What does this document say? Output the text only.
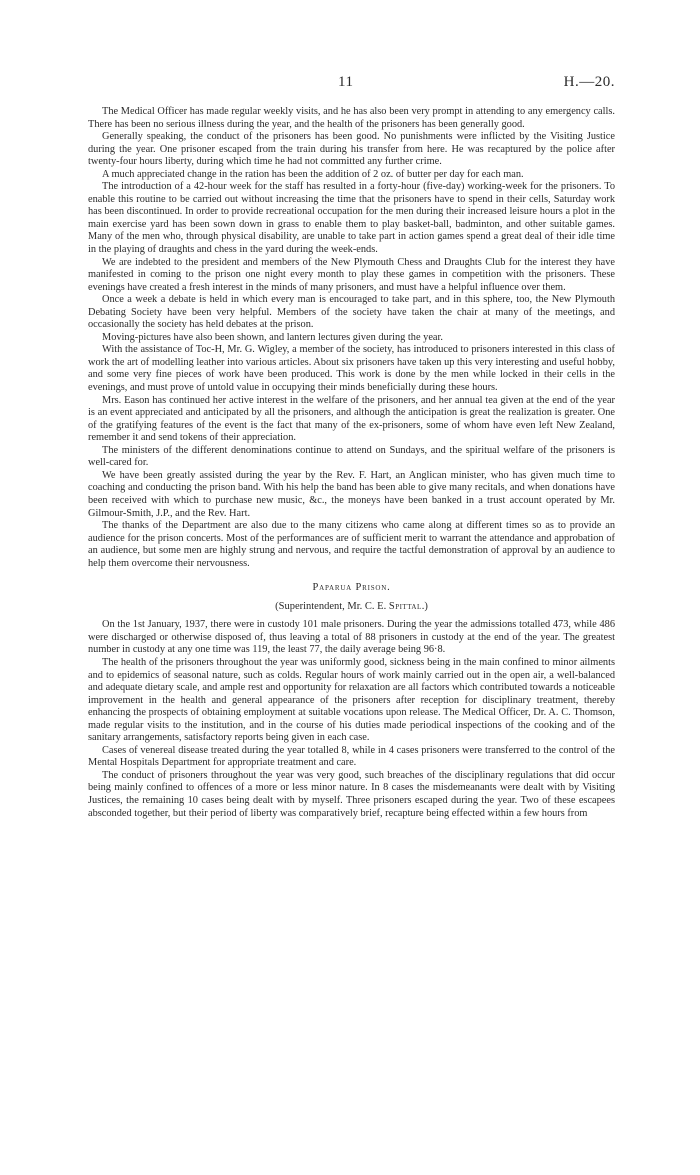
11	H.—20.

The Medical Officer has made regular weekly visits, and he has also been very prompt in attending to any emergency calls. There has been no serious illness during the year, and the health of the prisoners has been generally good.

Generally speaking, the conduct of the prisoners has been good. No punishments were inflicted by the Visiting Justice during the year. One prisoner escaped from the train during his transfer from here. He was recaptured by the police after twenty-four hours liberty, during which time he had not committed any further crime.

A much appreciated change in the ration has been the addition of 2 oz. of butter per day for each man.

The introduction of a 42-hour week for the staff has resulted in a forty-hour (five-day) working-week for the prisoners. To enable this routine to be carried out without increasing the time that the prisoners have to spend in their cells, Saturday work has been discontinued. In order to provide recreational occupation for the men during their increased leisure hours a plot in the main exercise yard has been sown down in grass to enable them to play basket-ball, badminton, and other suitable games. Many of the men who, through physical disability, are unable to take part in action games spend a great deal of their idle time in the playing of draughts and chess in the yard during the week-ends.

We are indebted to the president and members of the New Plymouth Chess and Draughts Club for the interest they have manifested in coming to the prison one night every month to play these games in competition with the prisoners. These evenings have created a fresh interest in the minds of many prisoners, and must have a helpful influence over them.

Once a week a debate is held in which every man is encouraged to take part, and in this sphere, too, the New Plymouth Debating Society have been very helpful. Members of the society have taken the chair at many of the meetings, and occasionally the society has held debates at the prison.

Moving-pictures have also been shown, and lantern lectures given during the year.

With the assistance of Toc-H, Mr. G. Wigley, a member of the society, has introduced to prisoners interested in this class of work the art of modelling leather into various articles. About six prisoners have taken up this very interesting and useful hobby, and some very fine pieces of work have been produced. This work is done by the men while locked in their cells in the evenings, and must prove of untold value in occupying their minds beneficially during these hours.

Mrs. Eason has continued her active interest in the welfare of the prisoners, and her annual tea given at the end of the year is an event appreciated and anticipated by all the prisoners, and although the anticipation is great the realization is greater. One of the gratifying features of the event is the fact that many of the ex-prisoners, some of whom have even left New Zealand, remember it and send tokens of their appreciation.

The ministers of the different denominations continue to attend on Sundays, and the spiritual welfare of the prisoners is well-cared for.

We have been greatly assisted during the year by the Rev. F. Hart, an Anglican minister, who has given much time to coaching and conducting the prison band. With his help the band has been able to give many recitals, and when donations have been received with which to purchase new music, &c., the moneys have been banked in a trust account operated by Mr. Gilmour-Smith, J.P., and the Rev. Hart.

The thanks of the Department are also due to the many citizens who came along at different times so as to provide an audience for the prison concerts. Most of the performances are of sufficient merit to warrant the attendance and approbation of an audience, but some men are highly strung and nervous, and require the tactful demonstration of approval by an audience to help them overcome their nervousness.

Paparua Prison.
(Superintendent, Mr. C. E. Spittal.)

On the 1st January, 1937, there were in custody 101 male prisoners. During the year the admissions totalled 473, while 486 were discharged or otherwise disposed of, thus leaving a total of 88 prisoners in custody at the end of the year. The greatest number in custody at any one time was 119, the least 77, the daily average being 96·8.

The health of the prisoners throughout the year was uniformly good, sickness being in the main confined to minor ailments and to epidemics of seasonal nature, such as colds. Regular hours of work mainly carried out in the open air, a well-balanced and adequate dietary scale, and ample rest and opportunity for relaxation are all factors which contributed towards a noticeable improvement in the health and general appearance of the prisoners after reception for disciplinary treatment, thereby enhancing the prospects of obtaining employment at suitable vocations upon release. The Medical Officer, Dr. A. C. Thomson, made regular visits to the institution, and in the course of his duties made periodical inspections of the cooking and of the sanitary arrangements, satisfactory reports being given in each case.

Cases of venereal disease treated during the year totalled 8, while in 4 cases prisoners were transferred to the control of the Mental Hospitals Department for appropriate treatment and care.

The conduct of prisoners throughout the year was very good, such breaches of the disciplinary regulations that did occur being mainly confined to offences of a more or less minor nature. In 8 cases the misdemeanants were dealt with by Visiting Justices, the remaining 10 cases being dealt with by myself. Three prisoners escaped during the year. Two of these escapees absconded together, but their period of liberty was comparatively brief, recapture being effected within a few hours from
